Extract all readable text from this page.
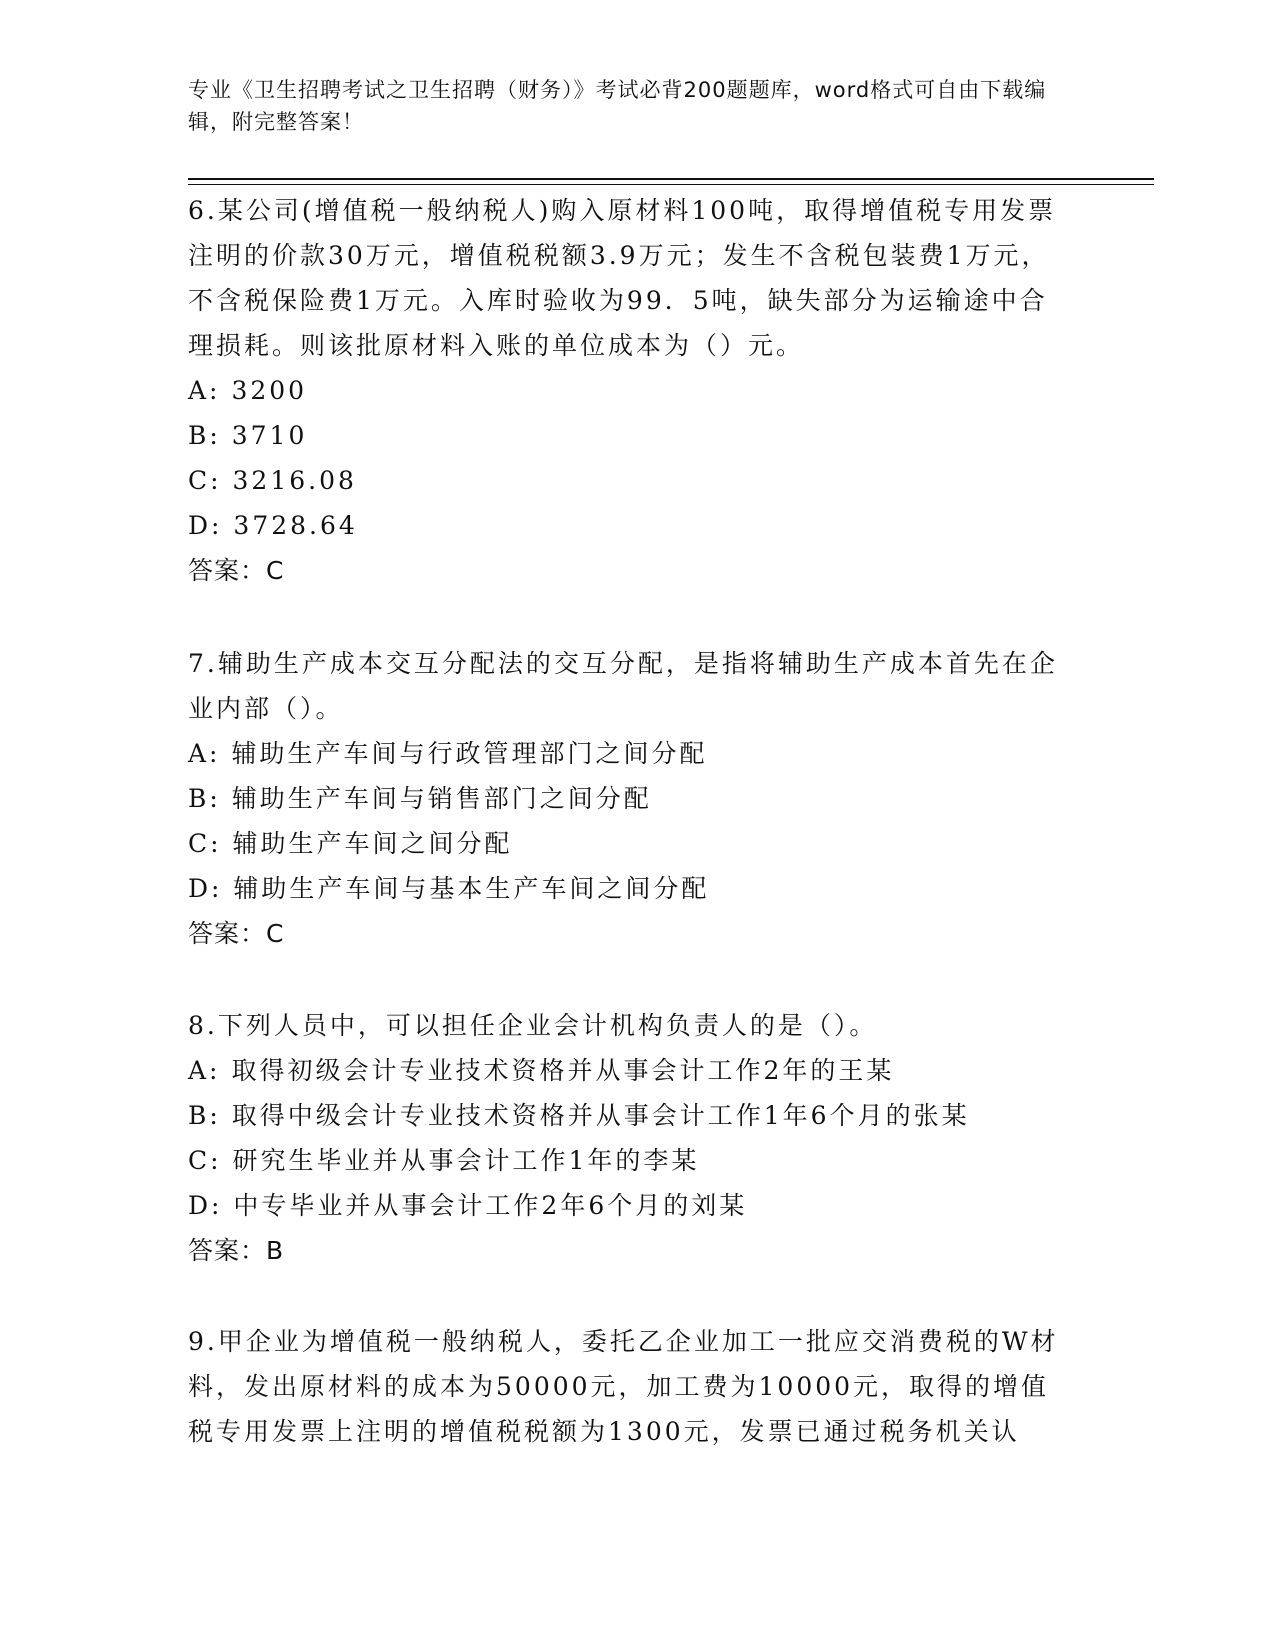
专业《卫生招聘考试之卫生招聘（财务）》考试必背200题题库，word格式可自由下载编辑，附完整答案！

6.某公司(增值税一般纳税人)购入原材料100吨，取得增值税专用发票注明的价款30万元，增值税税额3.9万元；发生不含税包装费1万元，不含税保险费1万元。入库时验收为99．5吨，缺失部分为运输途中合理损耗。则该批原材料入账的单位成本为（）元。

A: 3200

B: 3710

C: 3216.08

D: 3728.64

答案：C

7.辅助生产成本交互分配法的交互分配，是指将辅助生产成本首先在企业内部（）。

A: 辅助生产车间与行政管理部门之间分配

B: 辅助生产车间与销售部门之间分配

C: 辅助生产车间之间分配

D: 辅助生产车间与基本生产车间之间分配

答案：C

8.下列人员中，可以担任企业会计机构负责人的是（）。

A: 取得初级会计专业技术资格并从事会计工作2年的王某

B: 取得中级会计专业技术资格并从事会计工作1年6个月的张某

C: 研究生毕业并从事会计工作1年的李某

D: 中专毕业并从事会计工作2年6个月的刘某

答案：B

9.甲企业为增值税一般纳税人，委托乙企业加工一批应交消费税的W材料，发出原材料的成本为50000元，加工费为10000元，取得的增值税专用发票上注明的增值税税额为1300元，发票已通过税务机关认
